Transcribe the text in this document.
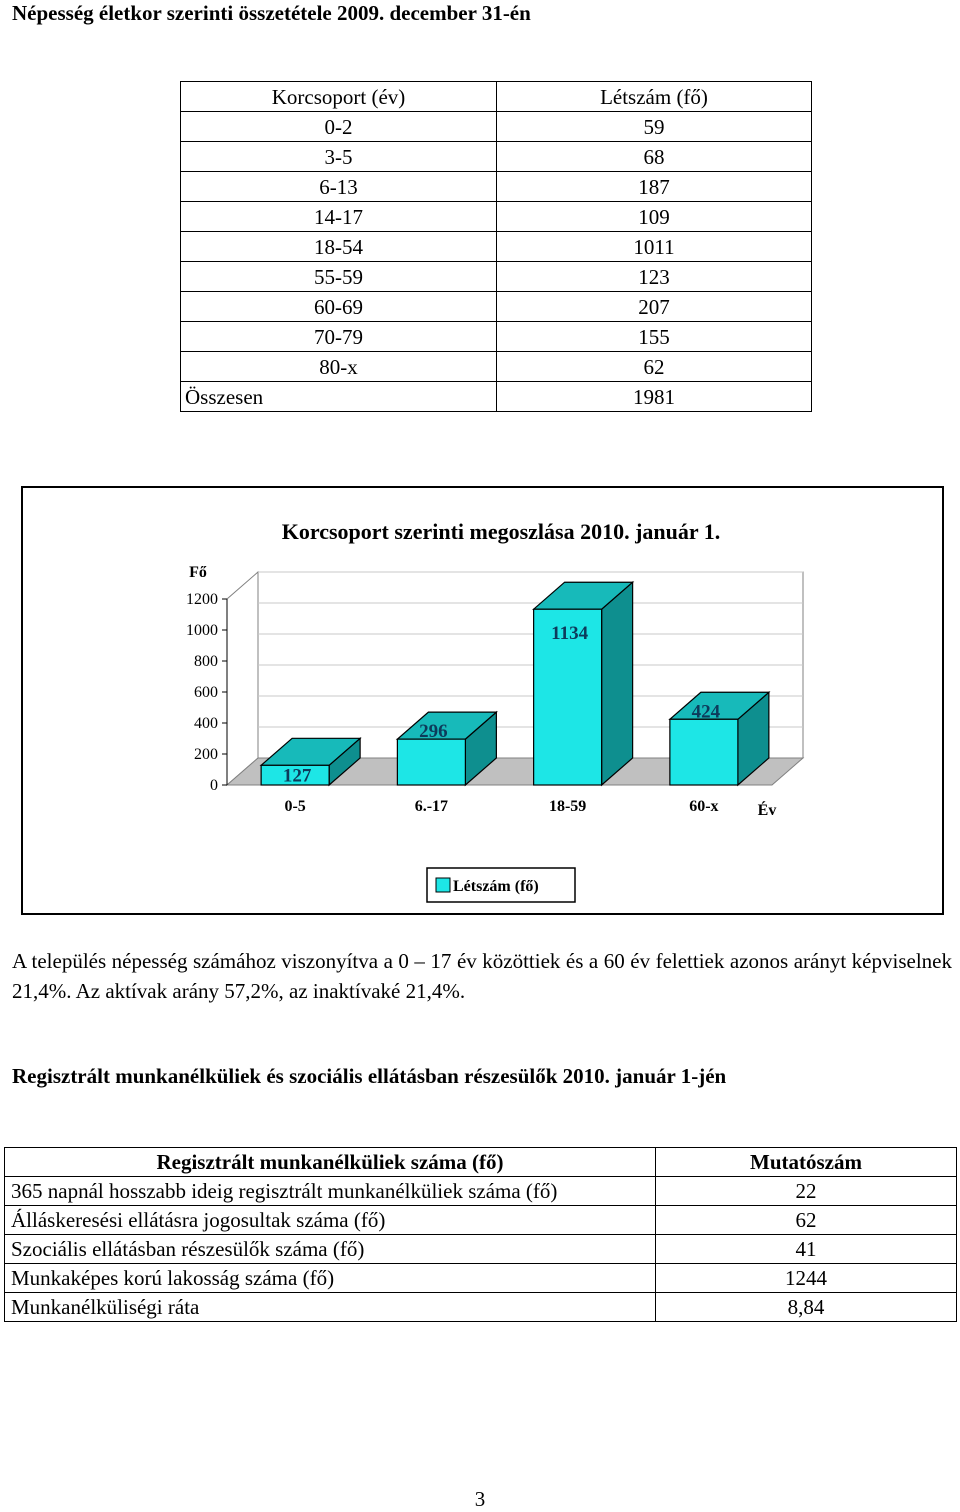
Népesség életkor szerinti összetétele 2009. december 31-én
Korcsoport (év)	Létszám (fő)
0-2	59
3-5	68
6-13	187
14-17	109
18-54	1011
55-59	123
60-69	207
70-79	155
80-x	62
Összesen	1981
Korcsoport szerinti megoszlása 2010. január 1.
Fő
Év
0
200
400
600
800
1000
1200
127
0-5
296
6.-17
1134
18-59
424
60-x
Létszám (fő)
A település népesség számához viszonyítva a 0 – 17 év közöttiek és a 60 év felettiek azonos arányt képviselnek 21,4%. Az aktívak arány 57,2%, az inaktívaké 21,4%.
Regisztrált munkanélküliek és szociális ellátásban részesülők 2010. január 1-jén
Regisztrált munkanélküliek száma (fő)	Mutatószám
365 napnál hosszabb ideig regisztrált munkanélküliek száma (fő)	22
Álláskeresési ellátásra jogosultak száma (fő)	62
Szociális ellátásban részesülők száma (fő)	41
Munkaképes korú lakosság száma (fő)	1244
Munkanélküliségi ráta	8,84
3
